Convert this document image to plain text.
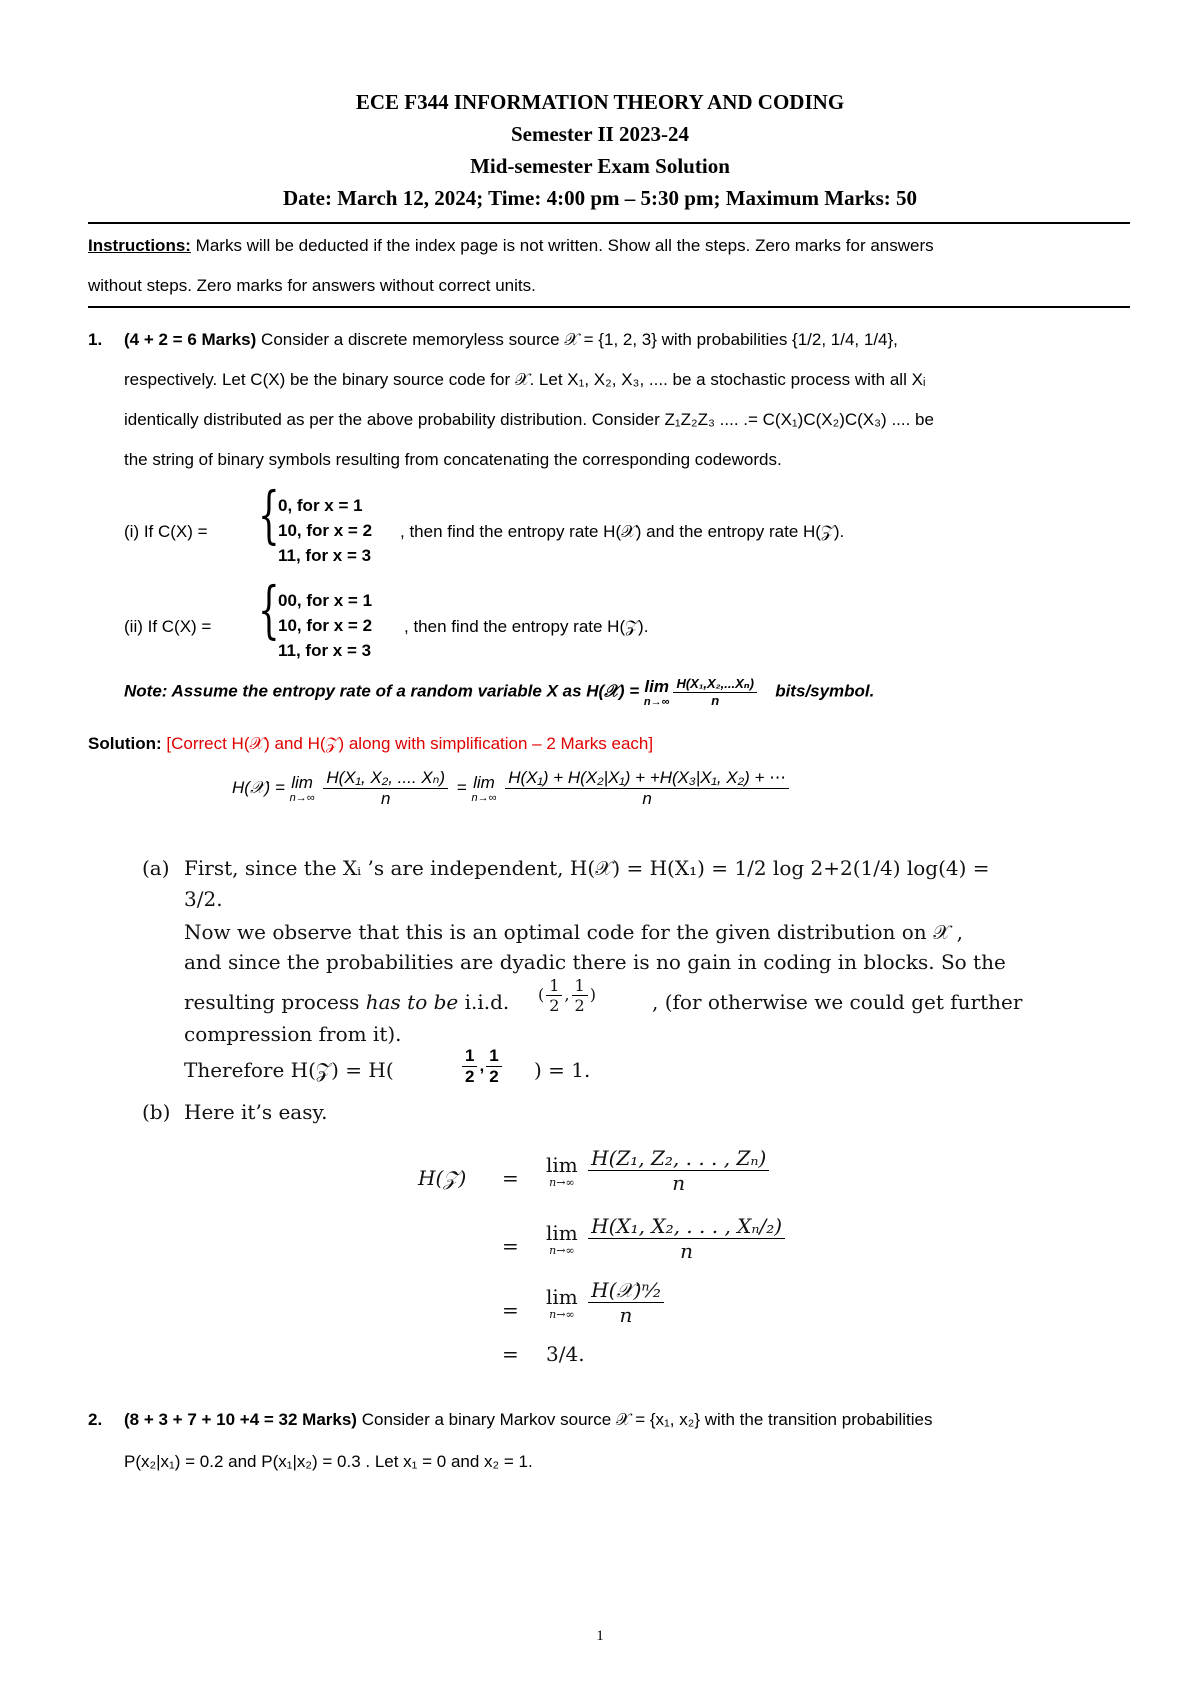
ECE F344 INFORMATION THEORY AND CODING
Semester II 2023-24
Mid-semester Exam Solution
Date: March 12, 2024; Time: 4:00 pm – 5:30 pm; Maximum Marks: 50
Instructions: Marks will be deducted if the index page is not written. Show all the steps. Zero marks for answers
without steps. Zero marks for answers without correct units.
1. (4 + 2 = 6 Marks) Consider a discrete memoryless source 𝒳 = {1, 2, 3} with probabilities {1/2, 1/4, 1/4},
respectively. Let C(X) be the binary source code for 𝒳. Let X₁, X₂, X₃, .... be a stochastic process with all Xᵢ
identically distributed as per the above probability distribution. Consider Z₁Z₂Z₃ .... .= C(X₁)C(X₂)C(X₃) .... be
the string of binary symbols resulting from concatenating the corresponding codewords.
(i) If C(X) = {
0, for x = 1
10, for x = 2
11, for x = 3
, then find the entropy rate H(𝒳) and the entropy rate H(𝒵).
(ii) If C(X) = {
00, for x = 1
10, for x = 2
11, for x = 3
, then find the entropy rate H(𝒵).
Note: Assume the entropy rate of a random variable X as H(𝒳) = lim
$n\to\infty \frac{\text{H(X₁,X₂,...Xₙ)}}{n}$ bits/symbol.
Solution: [Correct H(𝒳) and H(𝒵) along with simplification – 2 Marks each]
H(𝒳) = lim
n→∞
$\frac{\text{H(X₁, X₂, .... Xₙ)}}{n} = \lim$
n→∞
$\frac{\text{H(X₁) + H(X₂|X₁) + +H(X₃|X₁, X₂) + ⋯}}{n}$
(a) First, since the Xᵢ ’s are independent, H(𝒳) = H(X₁) = 1/2 log 2+2(1/4) log(4) =
3/2.
Now we observe that this is an optimal code for the given distribution on 𝒳 ,
and since the probabilities are dyadic there is no gain in coding in blocks. So the
resulting process has to be i.i.d. ( $\frac{1}{2}$ , $\frac{1}{2}$ )	, (for otherwise we could get further
compression from it).
Therefore H(𝒵) = H(	$\frac{1}{2}$ , $\frac{1}{2}$ ) = 1.
(b) Here it’s easy.
H(𝒵) =
lim
n→∞
$\frac{\text{H(Z₁, Z₂, . . . , Zₙ)}}{n}$
=
lim
n→∞
$\frac{\text{H(X₁, X₂, . . . , Xₙ/₂)}}{n}$
=
lim
n→∞
$\frac{\text{H(𝒳)ⁿ⁄₂}}{n}$
= 3/4.
2. (8 + 3 + 7 + 10 +4 = 32 Marks) Consider a binary Markov source 𝒳 = {x₁, x₂} with the transition probabilities
P(x₂|x₁) = 0.2 and P(x₁|x₂) = 0.3 . Let x₁ = 0 and x₂ = 1.
1
